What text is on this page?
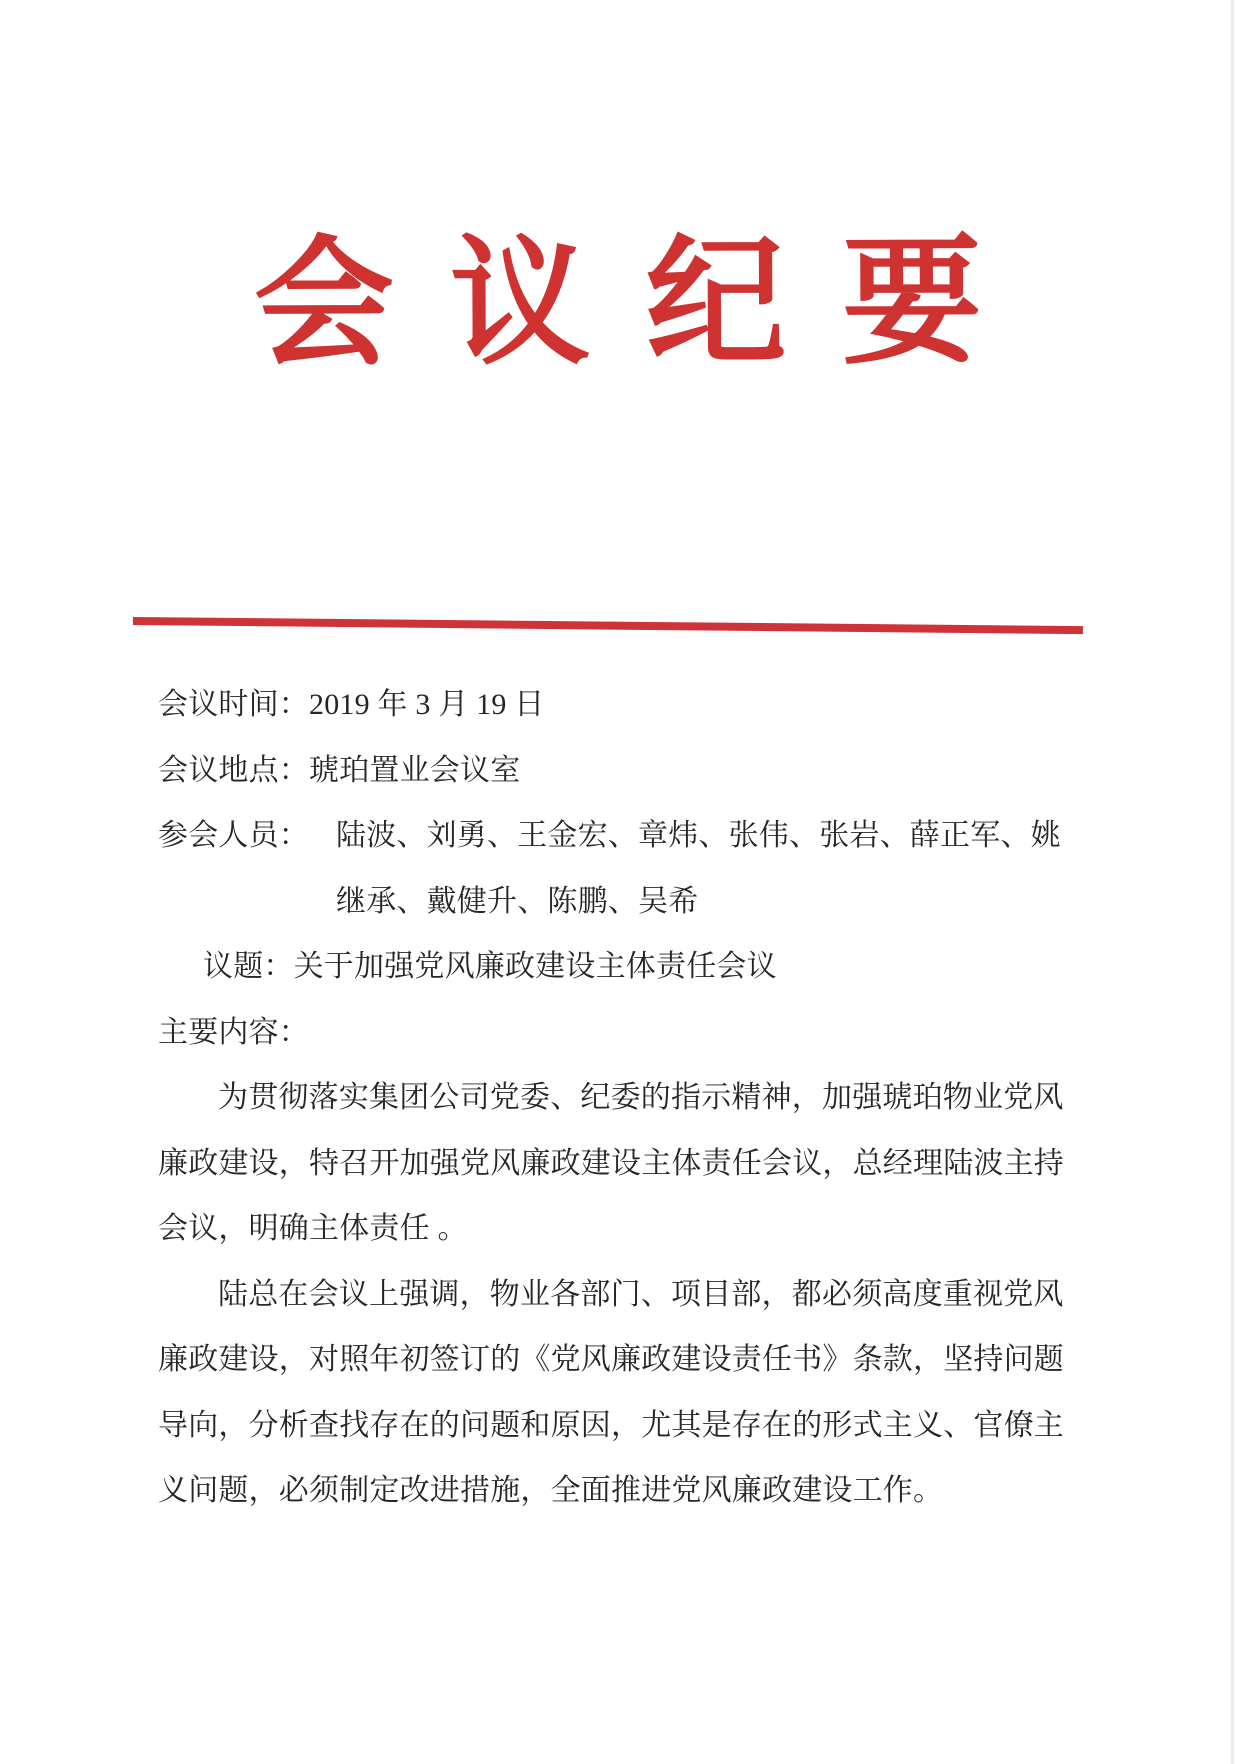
会议纪要
会议时间：2019 年 3 月 19 日
会议地点：琥珀置业会议室
参会人员： 陆波、刘勇、王金宏、章炜、张伟、张岩、薛正军、姚
继承、戴健升、陈鹏、吴希
议题：关于加强党风廉政建设主体责任会议
主要内容：
为贯彻落实集团公司党委、纪委的指示精神，加强琥珀物业党风
廉政建设，特召开加强党风廉政建设主体责任会议，总经理陆波主持
会议，明确主体责任 。
陆总在会议上强调，物业各部门、项目部，都必须高度重视党风
廉政建设，对照年初签订的《党风廉政建设责任书》条款，坚持问题
导向，分析查找存在的问题和原因，尤其是存在的形式主义、官僚主
义问题，必须制定改进措施，全面推进党风廉政建设工作。
